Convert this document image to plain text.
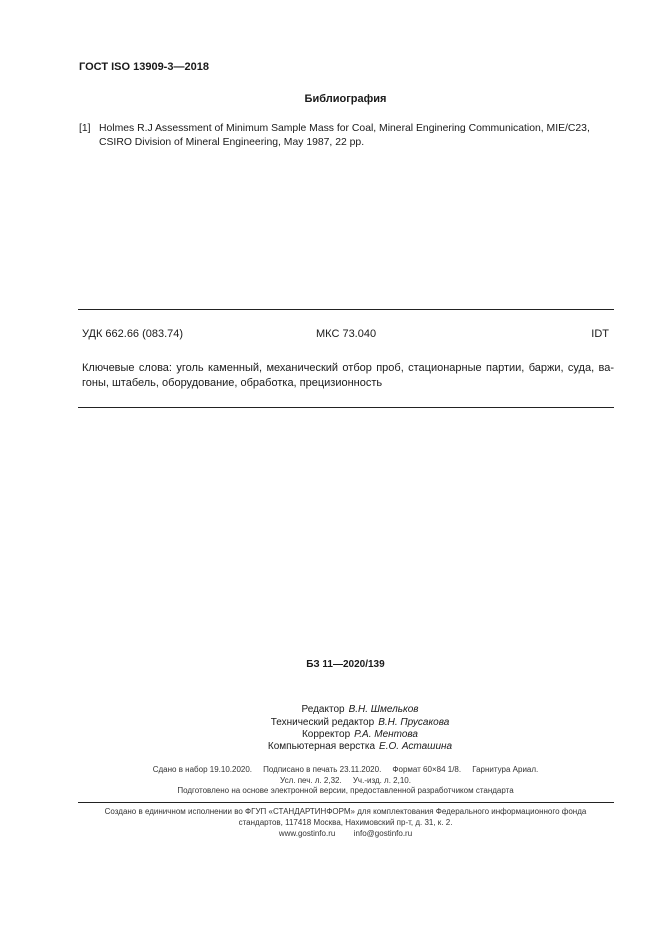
ГОСТ ISO 13909-3—2018
Библиография
[1] Holmes R.J Assessment of Minimum Sample Mass for Coal, Mineral Enginering Communication, MIE/C23, CSIRO Division of Mineral Engineering, May 1987, 22 pp.
УДК 662.66 (083.74)	МКС 73.040	IDT
Ключевые слова: уголь каменный, механический отбор проб, стационарные партии, баржи, суда, ва-гоны, штабель, оборудование, обработка, прецизионность
БЗ 11—2020/139
Редактор В.Н. Шмельков
Технический редактор В.Н. Прусакова
Корректор Р.А. Ментова
Компьютерная верстка Е.О. Асташина
Сдано в набор 19.10.2020.     Подписано в печать 23.11.2020.     Формат 60×84 1/8.     Гарнитура Ариал.
Усл. печ. л. 2,32.     Уч.-изд. л. 2,10.
Подготовлено на основе электронной версии, предоставленной разработчиком стандарта
Создано в единичном исполнении во ФГУП «СТАНДАРТИНФОРМ» для комплектования Федерального информационного фонда
стандартов, 117418 Москва, Нахимовский пр-т, д. 31, к. 2.
www.gostinfo.ru info@gostinfo.ru
